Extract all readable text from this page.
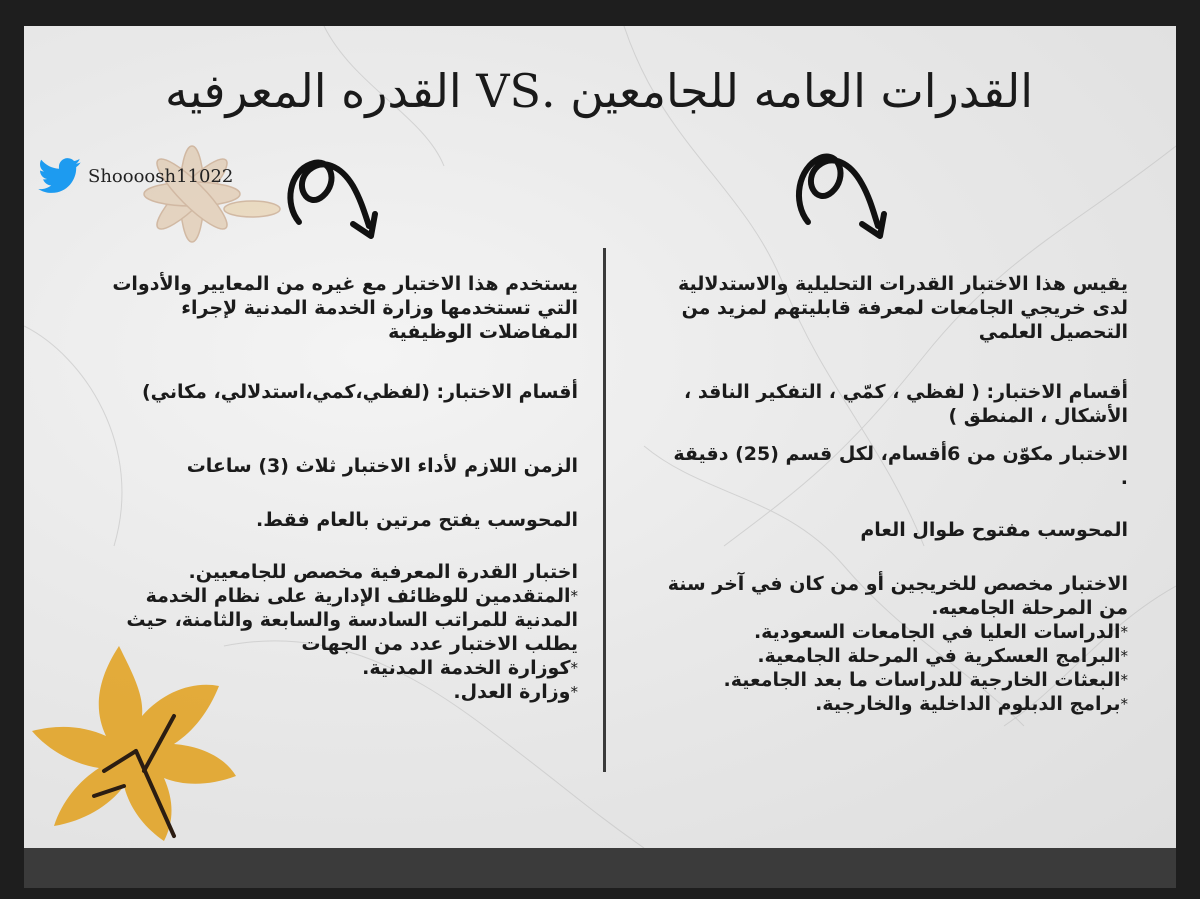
القدرات العامه للجامعين .VS القدره المعرفيه
Shoooosh11022

يقيس هذا الاختبار القدرات التحليلية والاستدلالية لدى خريجي الجامعات لمعرفة قابليتهم لمزيد من التحصيل العلمي

أقسام الاختبار: ( لفظي ، كمّي ، التفكير الناقد ، الأشكال ، المنطق )

الاختبار مكوّن من 6أقسام، لكل قسم (25) دقيقة .

المحوسب مفتوح طوال العام

الاختبار مخصص للخريجين أو من كان في آخر سنة من المرحلة الجامعيه.

*الدراسات العليا في الجامعات السعودية.

*البرامج العسكرية في المرحلة الجامعية.

*البعثات الخارجية للدراسات ما بعد الجامعية.

*برامج الدبلوم الداخلية والخارجية.

يستخدم هذا الاختبار مع غيره من المعايير والأدوات التي تستخدمها وزارة الخدمة المدنية لإجراء المفاضلات الوظيفية

أقسام الاختبار: (لفظي،كمي،استدلالي، مكاني)

الزمن اللازم لأداء الاختبار ثلاث (3) ساعات

المحوسب يفتح مرتين بالعام فقط.

اختبار القدرة المعرفية مخصص للجامعيين.

*المتقدمين للوظائف الإدارية على نظام الخدمة المدنية للمراتب السادسة والسابعة والثامنة، حيث يطلب الاختبار عدد من الجهات

*كوزارة الخدمة المدنية.

*وزارة العدل.
